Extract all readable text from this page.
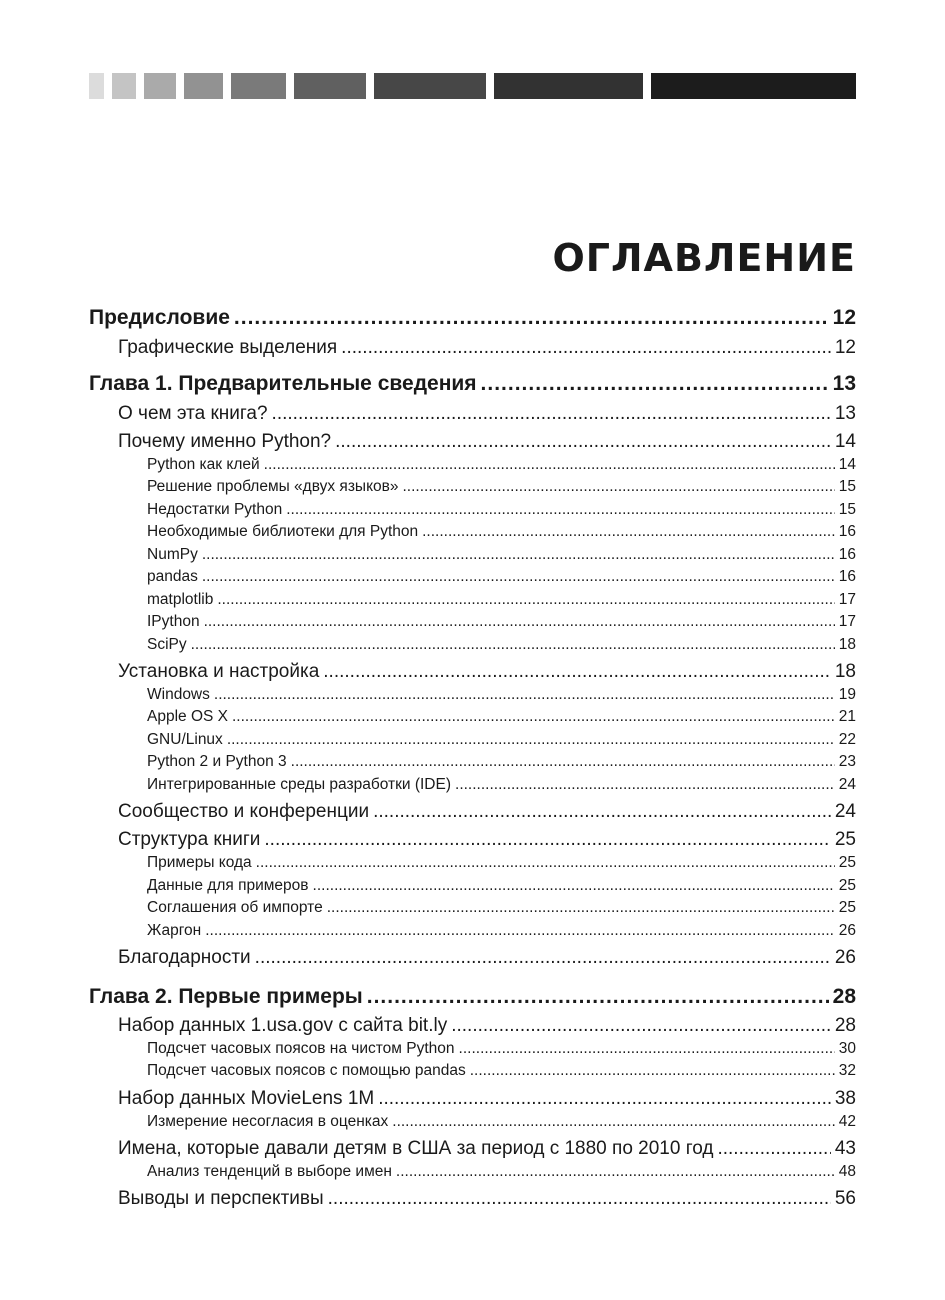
ОГЛАВЛЕНИЕ
Предисловие .....	12
Графические выделения .....	12
Глава 1. Предварительные сведения .....	13
О чем эта книга? .....	13
Почему именно Python? .....	14
Python как клей .....	14
Решение проблемы «двух языков» .....	15
Недостатки Python .....	15
Необходимые библиотеки для Python .....	16
NumPy .....	16
pandas .....	16
matplotlib .....	17
IPython .....	17
SciPy .....	18
Установка и настройка .....	18
Windows .....	19
Apple OS X .....	21
GNU/Linux .....	22
Python 2 и Python 3 .....	23
Интегрированные среды разработки (IDE) .....	24
Сообщество и конференции .....	24
Структура книги .....	25
Примеры кода .....	25
Данные для примеров .....	25
Соглашения об импорте .....	25
Жаргон .....	26
Благодарности .....	26
Глава 2. Первые примеры .....	28
Набор данных 1.usa.gov с сайта bit.ly .....	28
Подсчет часовых поясов на чистом Python .....	30
Подсчет часовых поясов с помощью pandas .....	32
Набор данных MovieLens 1M .....	38
Измерение несогласия в оценках .....	42
Имена, которые давали детям в США за период с 1880 по 2010 год .....	43
Анализ тенденций в выборе имен .....	48
Выводы и перспективы .....	56
